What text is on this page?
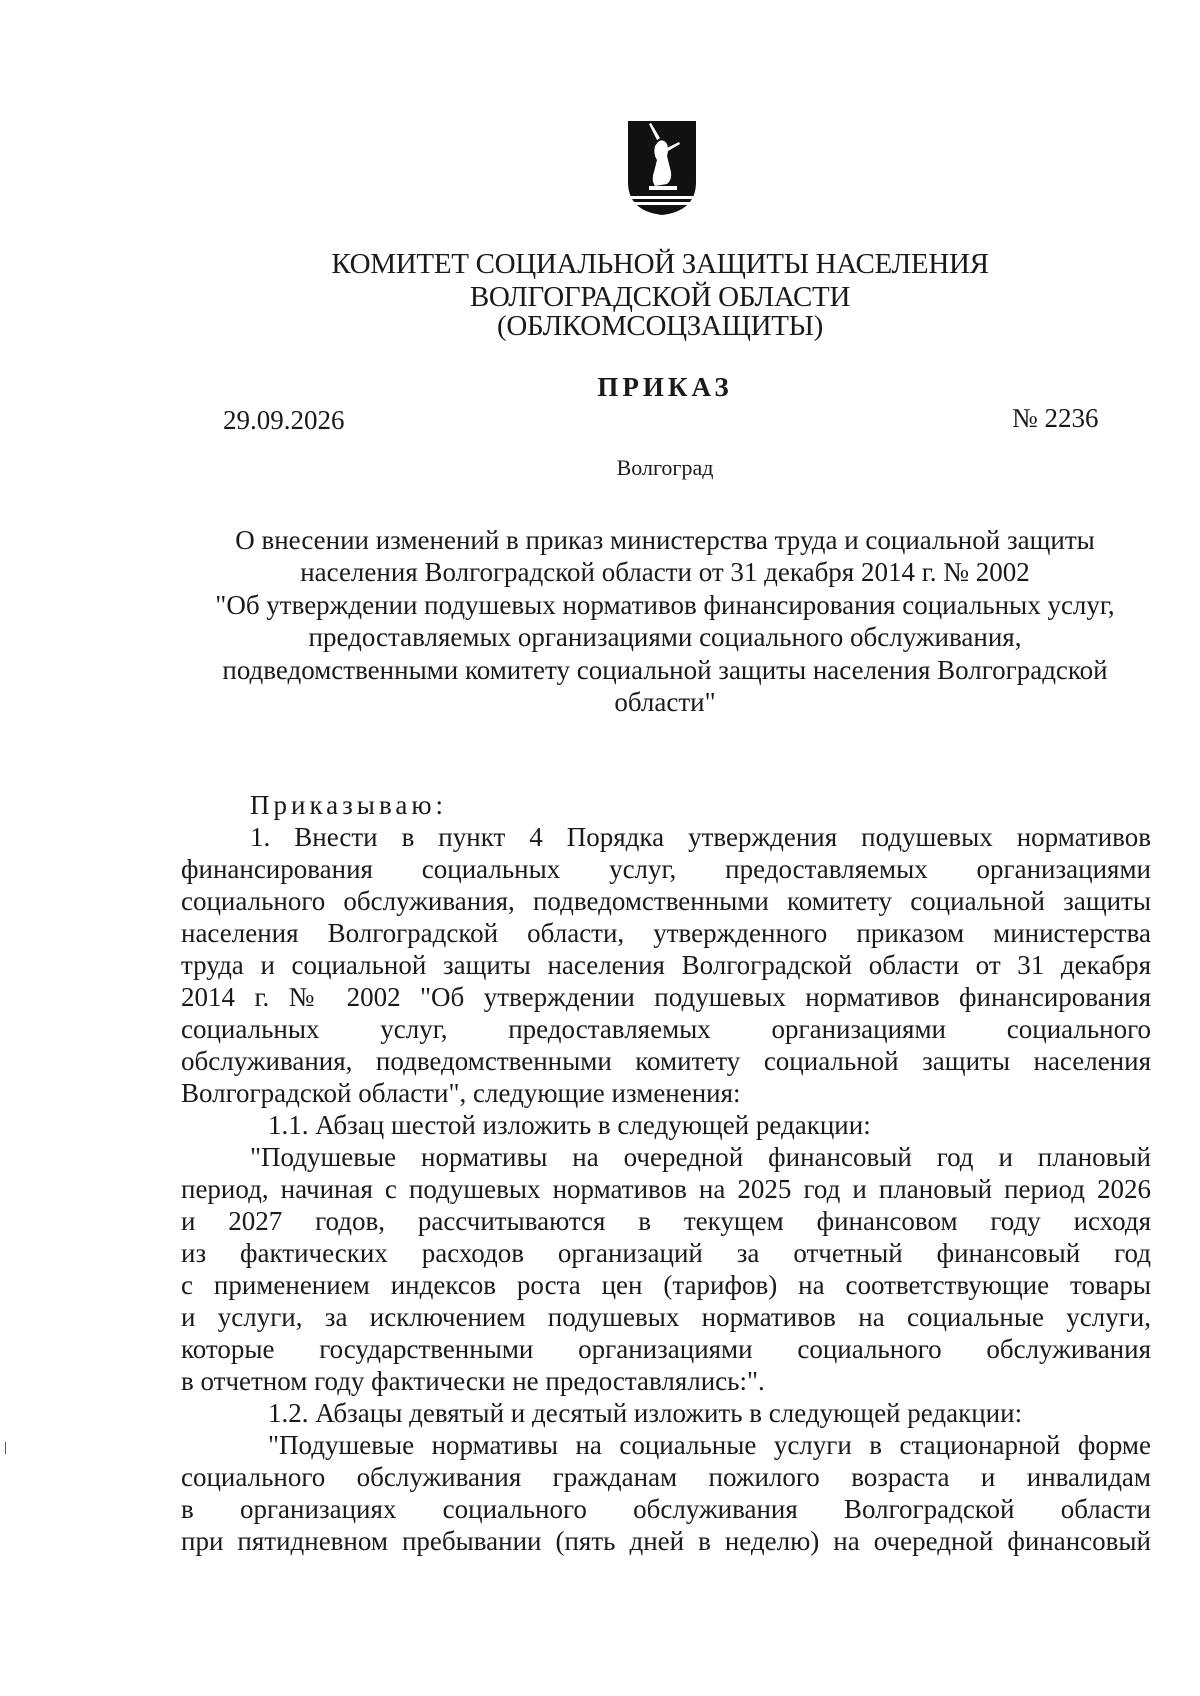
КОМИТЕТ СОЦИАЛЬНОЙ ЗАЩИТЫ НАСЕЛЕНИЯ
ВОЛГОГРАДСКОЙ ОБЛАСТИ
(ОБЛКОМСОЦЗАЩИТЫ)
ПРИКАЗ
29.09.2026	№ 2236
Волгоград
О внесении изменений в приказ министерства труда и социальной защиты
населения Волгоградской области от 31 декабря 2014 г. № 2002
"Об утверждении подушевых нормативов финансирования социальных услуг,
предоставляемых организациями социального обслуживания,
подведомственными комитету социальной защиты населения Волгоградской
области"
Приказываю:
1. Внести в пункт 4 Порядка утверждения подушевых нормативов
финансирования социальных услуг, предоставляемых организациями
социального обслуживания, подведомственными комитету социальной защиты
населения Волгоградской области, утвержденного приказом министерства
труда и социальной защиты населения Волгоградской области от 31 декабря
2014 г. № 2002 "Об утверждении подушевых нормативов финансирования
социальных услуг, предоставляемых организациями социального
обслуживания, подведомственными комитету социальной защиты населения
Волгоградской области", следующие изменения:
1.1. Абзац шестой изложить в следующей редакции:
"Подушевые нормативы на очередной финансовый год и плановый
период, начиная с подушевых нормативов на 2025 год и плановый период 2026
и 2027 годов, рассчитываются в текущем финансовом году исходя
из фактических расходов организаций за отчетный финансовый год
с применением индексов роста цен (тарифов) на соответствующие товары
и услуги, за исключением подушевых нормативов на социальные услуги,
которые государственными организациями социального обслуживания
в отчетном году фактически не предоставлялись:".
1.2. Абзацы девятый и десятый изложить в следующей редакции:
"Подушевые нормативы на социальные услуги в стационарной форме
социального обслуживания гражданам пожилого возраста и инвалидам
в организациях социального обслуживания Волгоградской области
при пятидневном пребывании (пять дней в неделю) на очередной финансовый
